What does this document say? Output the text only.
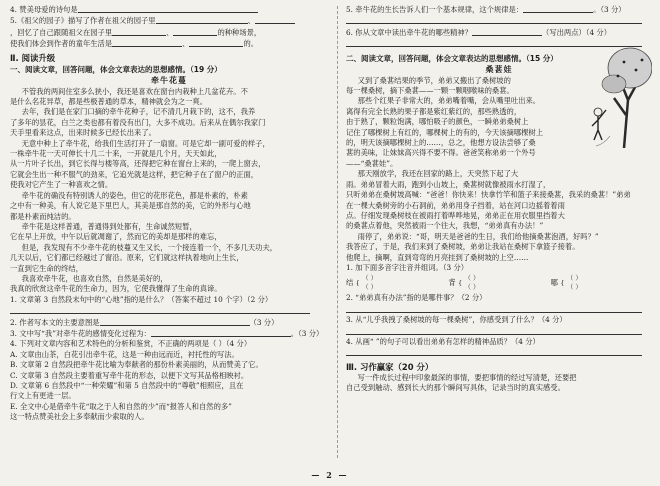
4. 赞美母爱的诗句是
5.《祖父的园子》描写了作者在祖父的园子里	、
，回忆了自己跟随祖父在园子里	、	的种种场景，
使我们体会到作者的童年生活是	、	的。
Ⅱ. 阅读升级
一、阅读文章，回答问题，体会文章表达的思想感情。（19 分）
牵牛花蔓
不管我的两间住室多么狭小，我还是喜欢在窗台内栽种上几盆花卉。不
是什么名花异草，都是些极普通的草本，精神就会为之一爽。
去年，我们是在家门口摘的牵牛花种子，记不清几月栽下的，这不，我养
了多年的昙花，白兰之类也都有着没有出门，大多不成功。后来从在偶尔我家门
天手里看来这点，出来时候多已经长出来了。
无意中种上了牵牛花，给我们生活打开了一扇窗。可是它却一副可爱的样子，
一株牵牛花一天可伸长十几二十来，一开就是几个月，天天如此，
从一片叶子长出，到它长得与楼等高，还得把它种在窗台上来的，一爬上窗去，
它就会生出一种不服气的劲来，它追光就是这样，把它种子在了窗户的正面，
使我对它产生了一种喜欢之情。
牵牛花的确没有特别诱人的姿色，但它的花形花色，都是朴素的，朴素
之中有一种美，有人说它是下里巴人，其美是那自然的美，它的外形与心地
都是朴素而纯洁的。
牵牛花是这样普通，普通得到处都有，生命诚然短暂，
它在早上开放，中午以后就凋谢了，然而它的美却是那样的难忘，
但是，我发现有不少牵牛花的枝蔓又生又长，一个接连着一个，不多几天功夫，
几天以后，它们都已经越过了窗沿。原来，它们就这样执着地向上生长，
一直到它生命的终结，
我喜欢牵牛花，也喜欢自然，自然是美好的，
我真的欣赏这牵牛花的生命力，因为，它使我懂得了生命的真谛。
1. 文章第 3 自然段末句中的“心地”指的是什么？（答案不超过 10 个字）（2 分）
2. 作者写本文的主要意图是	（3 分）
3. 文中写“我”对牵牛花的感情变化过程为：	。（3 分）
4. 下列对文章内容和艺术特色的分析和鉴赏，不正确的两项是（ ）（4 分）
A. 文章由山茶，白花引出牵牛花，这是一种由远而近，衬托性的写法。
B. 文章第 2 自然段把牵牛花比喻为奉献者的那份朴素美丽的，从而赞美了它。
C. 文章第 3 自然段主要着重写牵牛花的形态，以便下文写其品格相映衬。
D. 文章第 6 自然段中“一种荣耀”和第 5 自然段中的“尊敬”相照应，且在
行文上有更进一层。
E. 全文中心是借牵牛花“取之于人和自然的少”而“报答人和自然的多”
这一特点赞美社会上多奉献而少索取的人。
5. 牵牛花的生长告诉人们一个基本规律，这个规律是：	。（3 分）
6. 你从文章中读出牵牛花的哪些精神？	（写出两点）（4 分）
二、阅读文章，回答问题，体会文章表达的思想感情。（15 分）
桑葚娃
又到了桑葚结果的季节，弟弟又搬出了桑树坡的
每一棵桑树，摘下桑葚——一颗一颗咽喉味的桑葚。
那些个红果子非常大的，弟弟嘴着嘴，会从嘴里吐出来。
离得有完全长熟的果子都是紫红紫红的，那些熟透的，
由于熟了，颗粒饱满，哪怕吸子的颜色，一瞬弟弟桑树上
记住了哪棵树上有红的，哪棵树上的有的，今天该摘哪棵树上
的，明天该摘哪棵树上的……，总之，他想方设法尝够了桑
葚的美味，让妹妹高兴得不要不得。爸爸笑称弟弟一个外号
——“桑葚娃”。
那天刚放学，我还在回家的路上，天突然下起了大
雨。弟弟冒着大雨，跑到小山坡上，桑葚树就像被雨水打湿了，
只听弟弟在桑树坡高喊：“爸爸！你快来！快拿竹竿和篮子来接桑葚，我采的桑葚！”弟弟
在一棵大桑树旁的小石洞前，弟弟用身子挡着，站在河口边摇着着雨
点。仔细发现桑树枝在被雨打着哗哗地晃，弟弟正在用衣服里挡着大
的桑葚点着他，突然被雨一个往大，我想，“弟弟真有办法！”
雨停了，弟弟说：“哥，明天是爸爸的生日，我们给他摘桑葚泡酒，好吗？”
我答应了，于是，我们来到了桑树坡，弟弟让我站在桑树下拿篮子接着。
他爬上，摘啊，直到弯弯的月亮挂到了桑树坡的上空……
1. 加下面多音字注音并组词。（3 分）
结 {
（ ）
（ ）	背 {
（ ）
（ ）	哪 {
（ ）
（ ）
2. “弟弟真有办法”指的是哪件事？（2 分）
3. 从“儿乎我拽了桑树坡的每一棵桑树”，你感受到了什么？（4 分）
4. 从画“ ”的句子可以看出弟弟有怎样的精神品质？（4 分）
Ⅲ. 习作赢家（20 分）
写一件成长过程中印象最深的事情，要把事情的经过写清楚，还要把
自己受到触动、感到长大的那个瞬间写具体，记录当时的真实感受。
— 2 —
